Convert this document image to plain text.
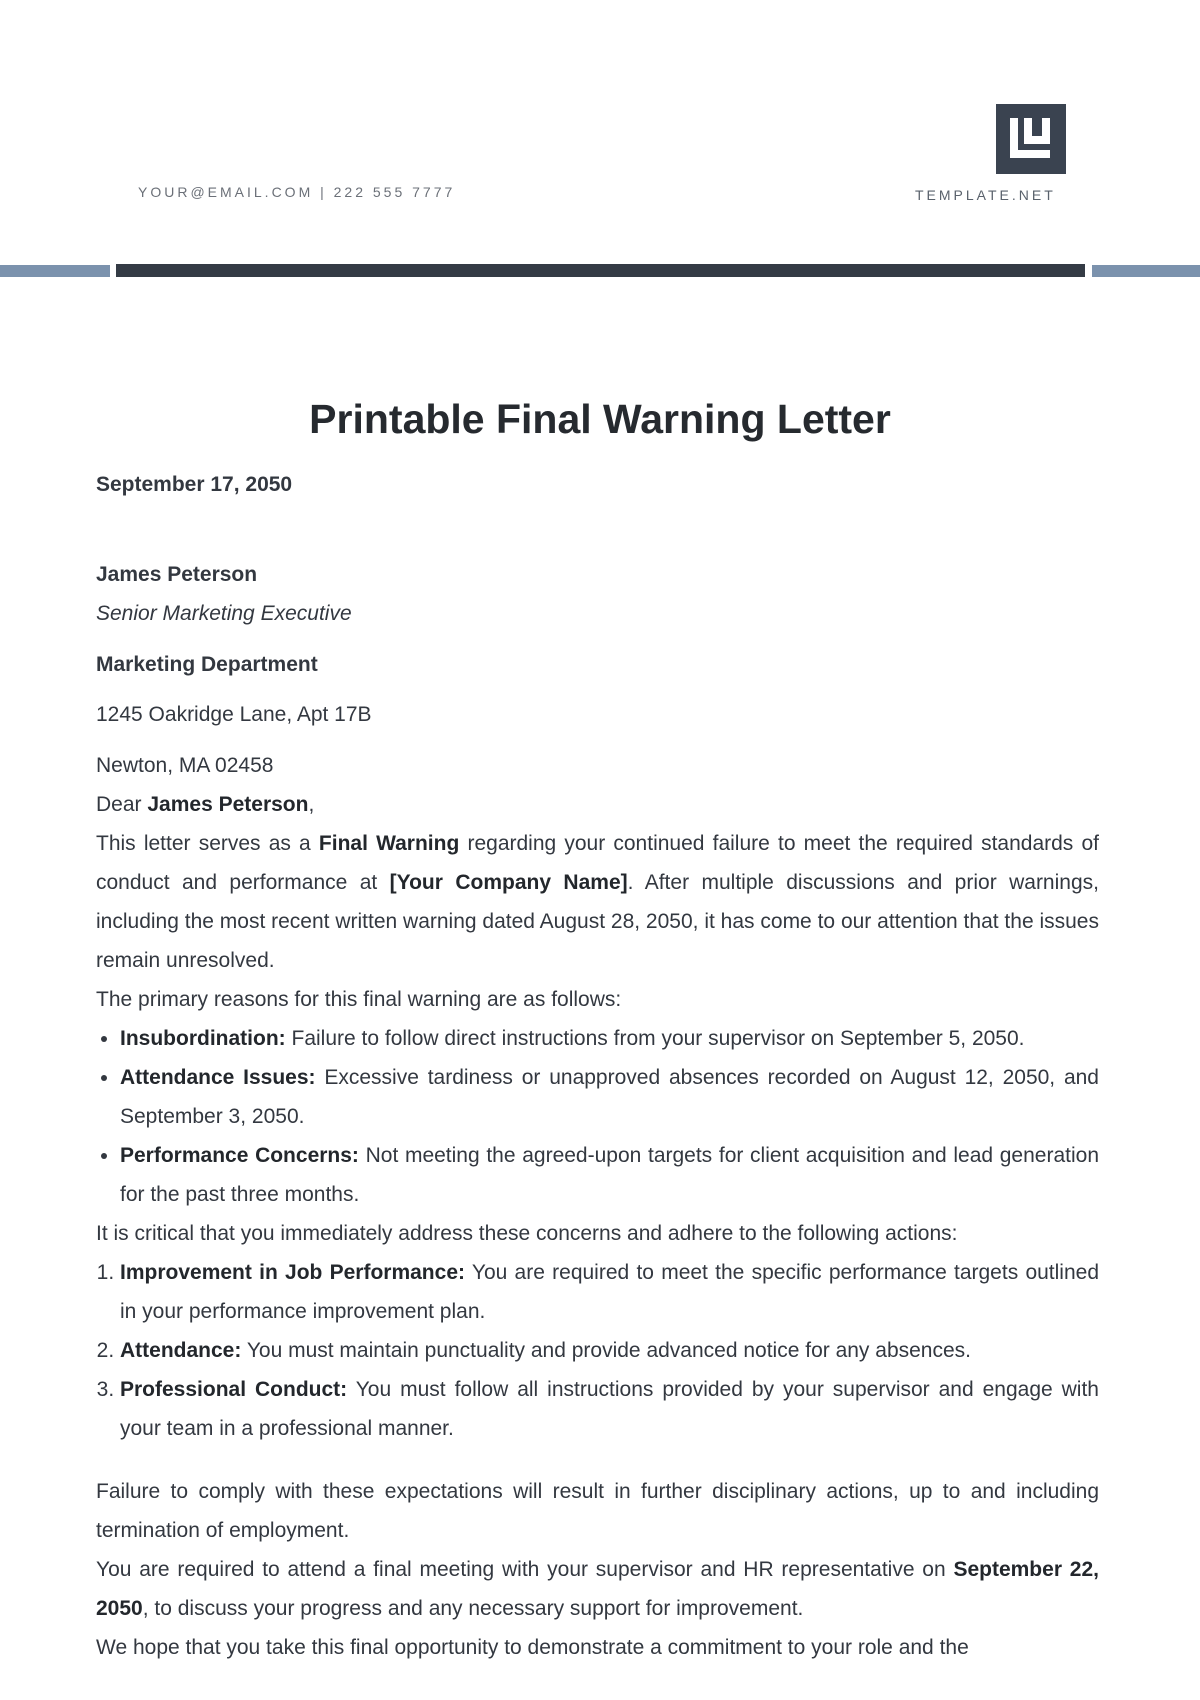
YOUR@EMAIL.COM | 222 555 7777	TEMPLATE.NET
Printable Final Warning Letter

September 17, 2050

James Peterson

Senior Marketing Executive

Marketing Department

1245 Oakridge Lane, Apt 17B

Newton, MA 02458

Dear James Peterson,

This letter serves as a Final Warning regarding your continued failure to meet the required standards of conduct and performance at [Your Company Name]. After multiple discussions and prior warnings, including the most recent written warning dated August 28, 2050, it has come to our attention that the issues remain unresolved.

The primary reasons for this final warning are as follows:

• Insubordination: Failure to follow direct instructions from your supervisor on September 5, 2050.
• Attendance Issues: Excessive tardiness or unapproved absences recorded on August 12, 2050, and September 3, 2050.
• Performance Concerns: Not meeting the agreed-upon targets for client acquisition and lead generation for the past three months.

It is critical that you immediately address these concerns and adhere to the following actions:

1. Improvement in Job Performance: You are required to meet the specific performance targets outlined in your performance improvement plan.
2. Attendance: You must maintain punctuality and provide advanced notice for any absences.
3. Professional Conduct: You must follow all instructions provided by your supervisor and engage with your team in a professional manner.

Failure to comply with these expectations will result in further disciplinary actions, up to and including termination of employment.

You are required to attend a final meeting with your supervisor and HR representative on September 22, 2050, to discuss your progress and any necessary support for improvement.

We hope that you take this final opportunity to demonstrate a commitment to your role and the
